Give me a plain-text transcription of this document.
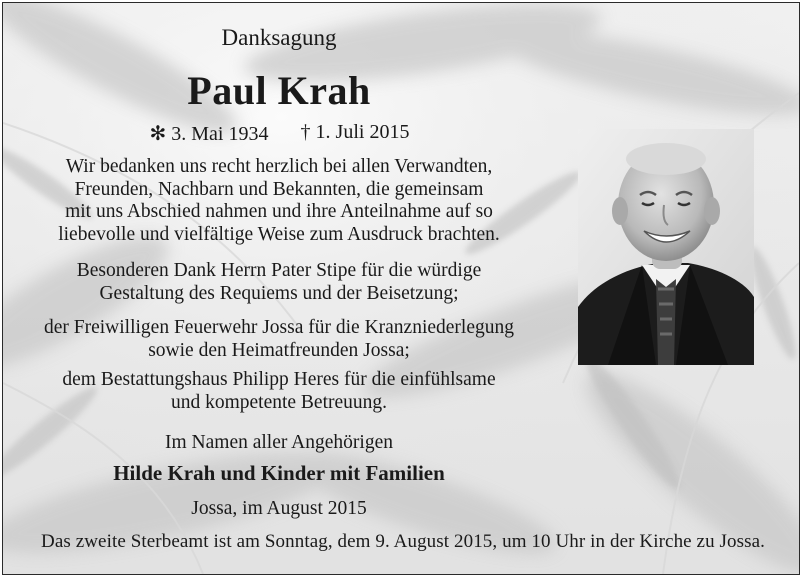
Danksagung
Paul Krah
✻ 3. Mai 1934 † 1. Juli 2015
Wir bedanken uns recht herzlich bei allen Verwandten,
Freunden, Nachbarn und Bekannten, die gemeinsam
mit uns Abschied nahmen und ihre Anteilnahme auf so
liebevolle und vielfältige Weise zum Ausdruck brachten.
Besonderen Dank Herrn Pater Stipe für die würdige
Gestaltung des Requiems und der Beisetzung;
der Freiwilligen Feuerwehr Jossa für die Kranzniederlegung
sowie den Heimatfreunden Jossa;
dem Bestattungshaus Philipp Heres für die einfühlsame
und kompetente Betreuung.
Im Namen aller Angehörigen
Hilde Krah und Kinder mit Familien
Jossa, im August 2015
Das zweite Sterbeamt ist am Sonntag, dem 9. August 2015, um 10 Uhr in der Kirche zu Jossa.
